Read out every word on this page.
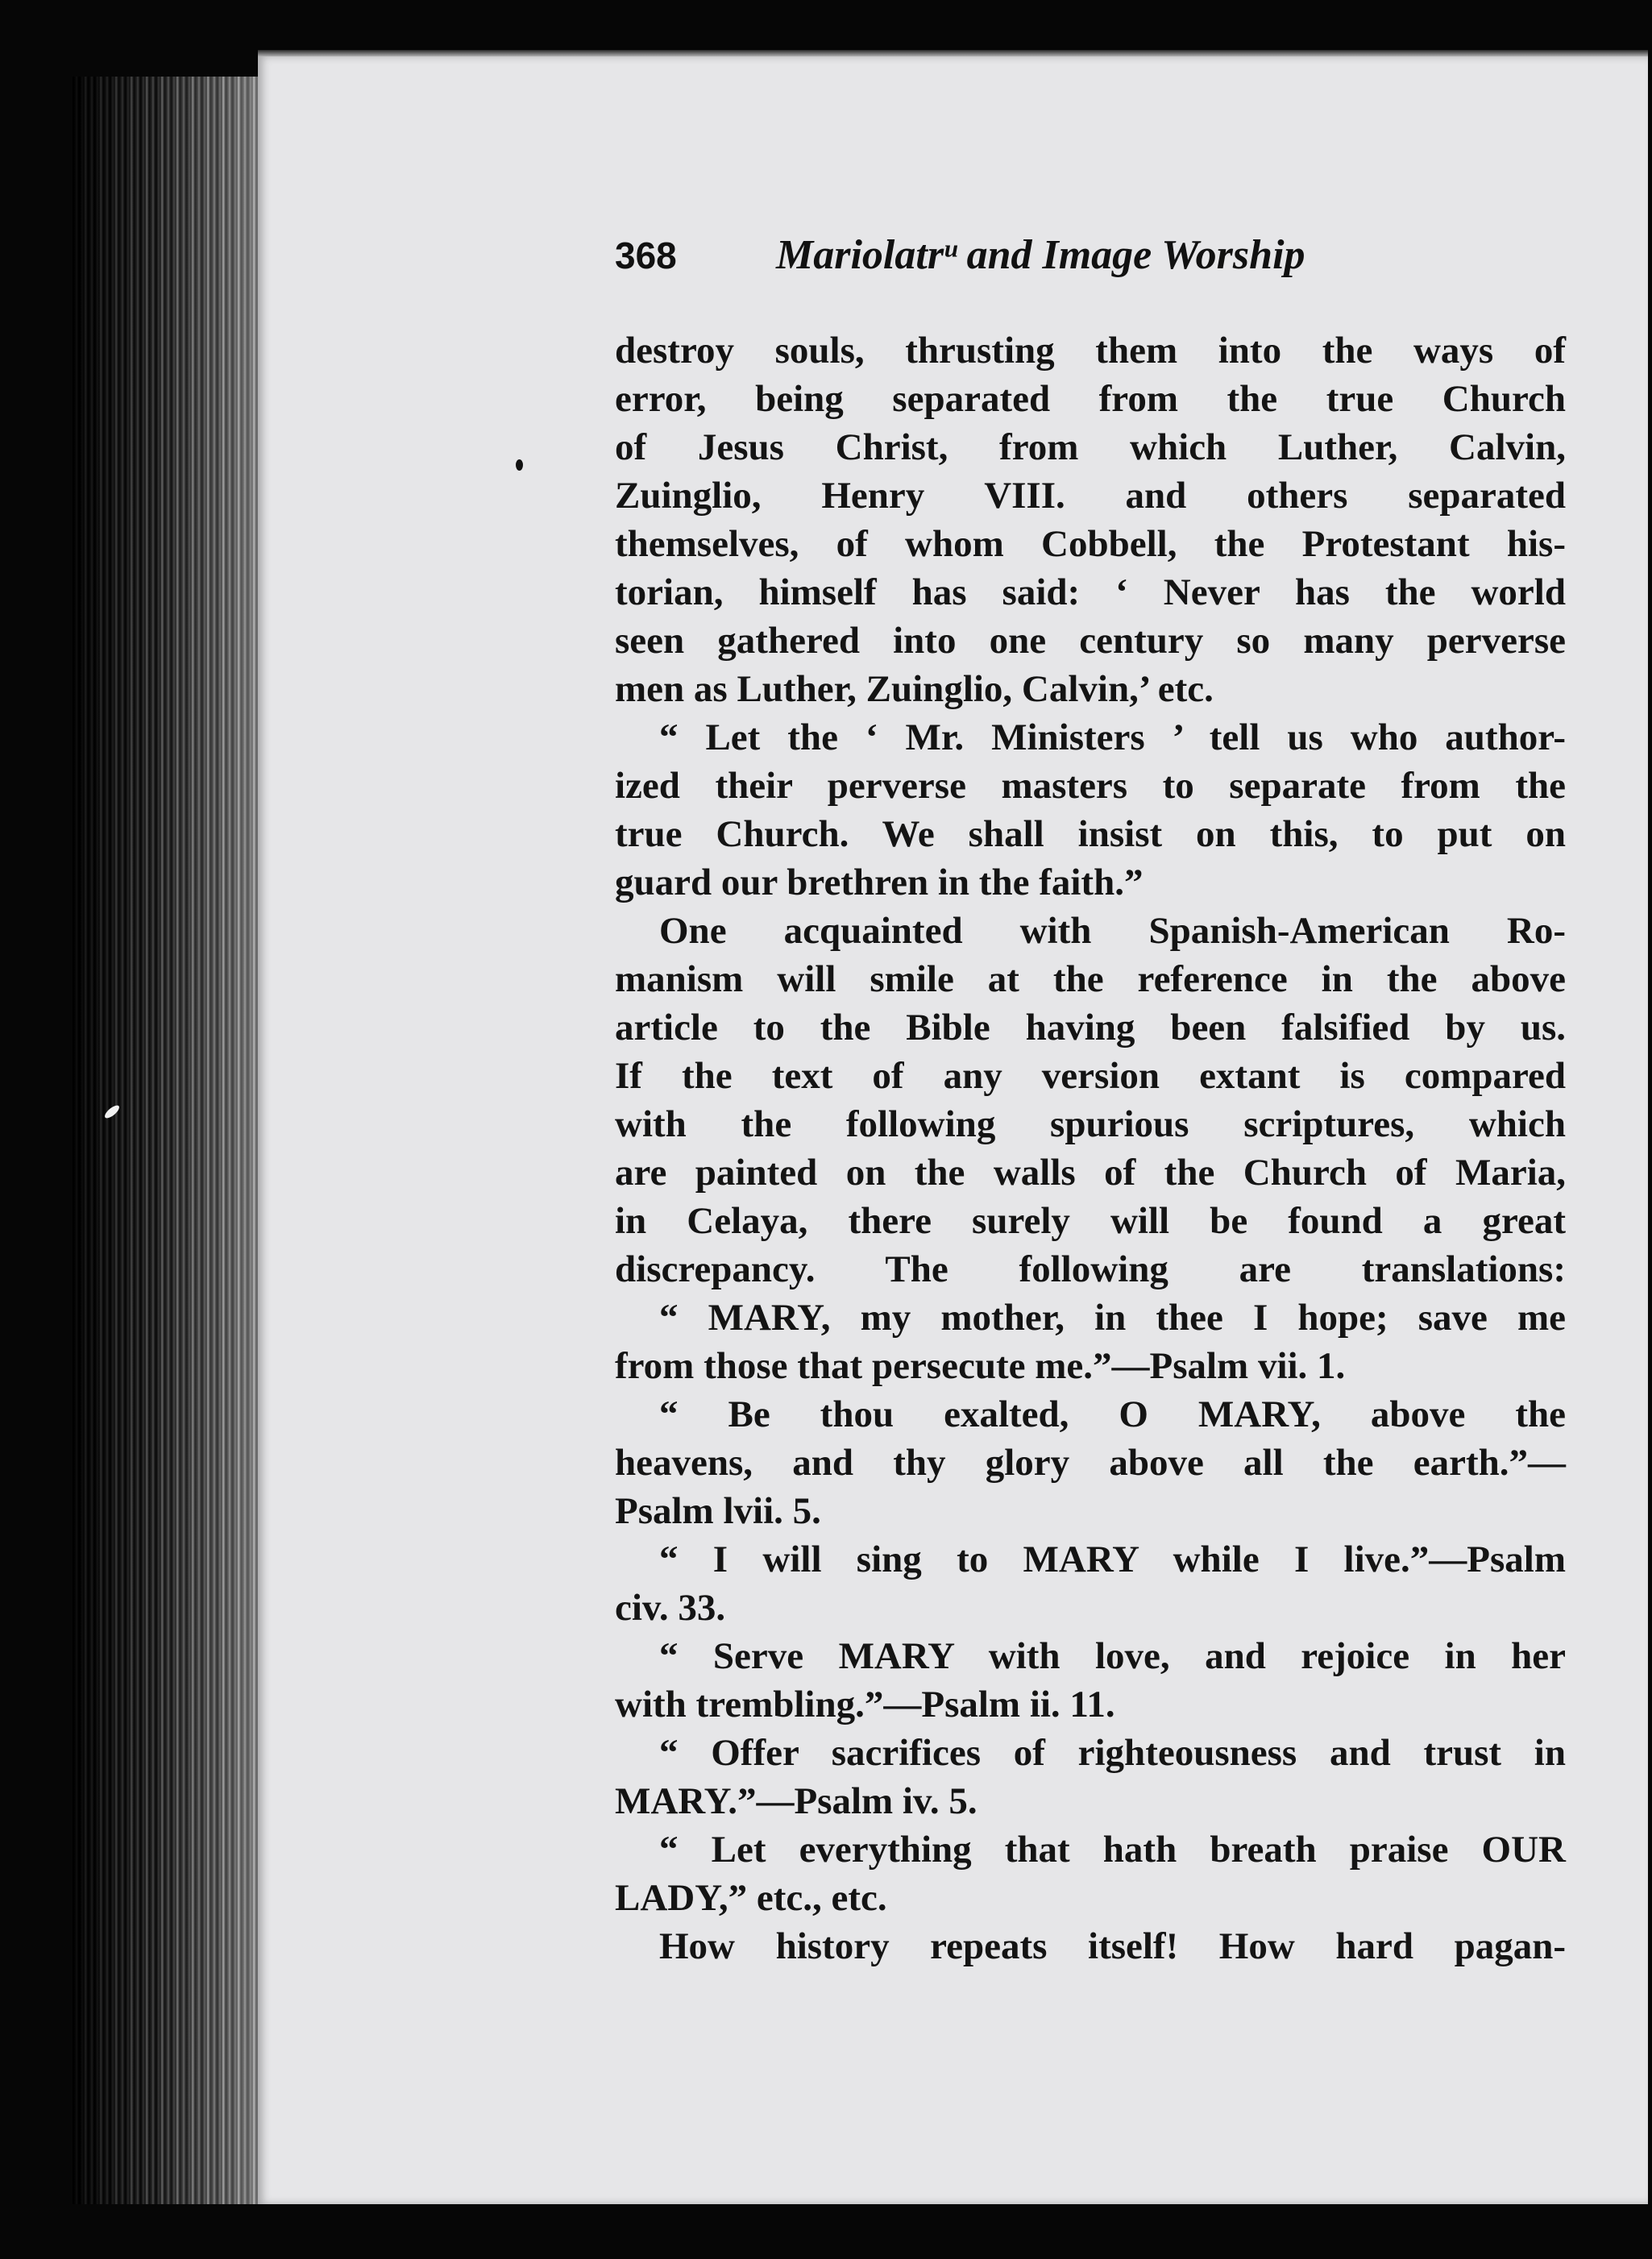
368 Mariolatrᵘ and Image Worship
destroy souls, thrusting them into the ways of
error, being separated from the true Church
of Jesus Christ, from which Luther, Calvin,
Zuinglio, Henry VIII. and others separated
themselves, of whom Cobbell, the Protestant his-
torian, himself has said: ‘ Never has the world
seen gathered into one century so many perverse
men as Luther, Zuinglio, Calvin,’ etc.
“ Let the ‘ Mr. Ministers ’ tell us who author-
ized their perverse masters to separate from the
true Church. We shall insist on this, to put on
guard our brethren in the faith.”
One acquainted with Spanish-American Ro-
manism will smile at the reference in the above
article to the Bible having been falsified by us.
If the text of any version extant is compared
with the following spurious scriptures, which
are painted on the walls of the Church of Maria,
in Celaya, there surely will be found a great
discrepancy. The following are translations:
“ MARY, my mother, in thee I hope; save me
from those that persecute me.”—Psalm vii. 1.
“ Be thou exalted, O MARY, above the
heavens, and thy glory above all the earth.”—
Psalm lvii. 5.
“ I will sing to MARY while I live.”—Psalm
civ. 33.
“ Serve MARY with love, and rejoice in her
with trembling.”—Psalm ii. 11.
“ Offer sacrifices of righteousness and trust in
MARY.”—Psalm iv. 5.
“ Let everything that hath breath praise OUR
LADY,” etc., etc.
How history repeats itself! How hard pagan-
